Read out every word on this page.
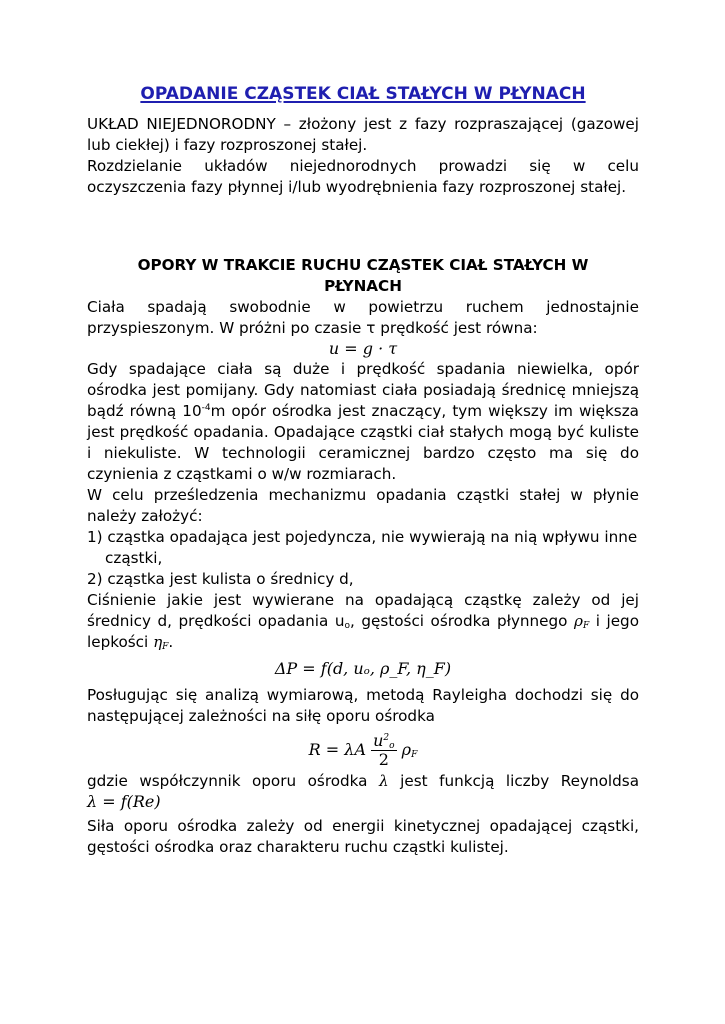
OPADANIE CZĄSTEK CIAŁ STAŁYCH W PŁYNACH

UKŁAD NIEJEDNORODNY – złożony jest z fazy rozpraszającej (gazowej lub ciekłej) i fazy rozproszonej stałej.

Rozdzielanie układów niejednorodnych prowadzi się w celu oczyszczenia fazy płynnej i/lub wyodrębnienia fazy rozproszonej stałej.

OPORY W TRAKCIE RUCHU CZĄSTEK CIAŁ STAŁYCH W
PŁYNACH

Ciała spadają swobodnie w powietrzu ruchem jednostajnie

przyspieszonym. W próżni po czasie τ prędkość jest równa:

u = g · τ

Gdy spadające ciała są duże i prędkość spadania niewielka, opór ośrodka jest pomijany. Gdy natomiast ciała posiadają średnicę mniejszą bądź równą $10^{-4}m$ opór ośrodka jest znaczący, tym większy im większa jest prędkość opadania. Opadające cząstki ciał stałych mogą być kuliste i niekuliste. W technologii ceramicznej bardzo często ma się do czynienia z cząstkami o w/w rozmiarach.

W celu prześledzenia mechanizmu opadania cząstki stałej w płynie należy założyć:

1) cząstka opadająca jest pojedyncza, nie wywierają na nią wpływu inne

cząstki,

2) cząstka jest kulista o średnicy d,

Ciśnienie jakie jest wywierane na opadającą cząstkę zależy od jej średnicy d, prędkości opadania $u_o$, gęstości ośrodka płynnego $\rho_F$ i jego lepkości $\eta_F$.

ΔP = f(d, uₒ, ρ_F, η_F)

Posługując się analizą wymiarową, metodą Rayleigha dochodzi się do następującej zależności na siłę oporu ośrodka

R = λA $\frac{u^2_o}{2} \rho_F$

gdzie współczynnik oporu ośrodka λ jest funkcją liczby Reynoldsa

λ = f(Re)

Siła oporu ośrodka zależy od energii kinetycznej opadającej cząstki, gęstości ośrodka oraz charakteru ruchu cząstki kulistej.
